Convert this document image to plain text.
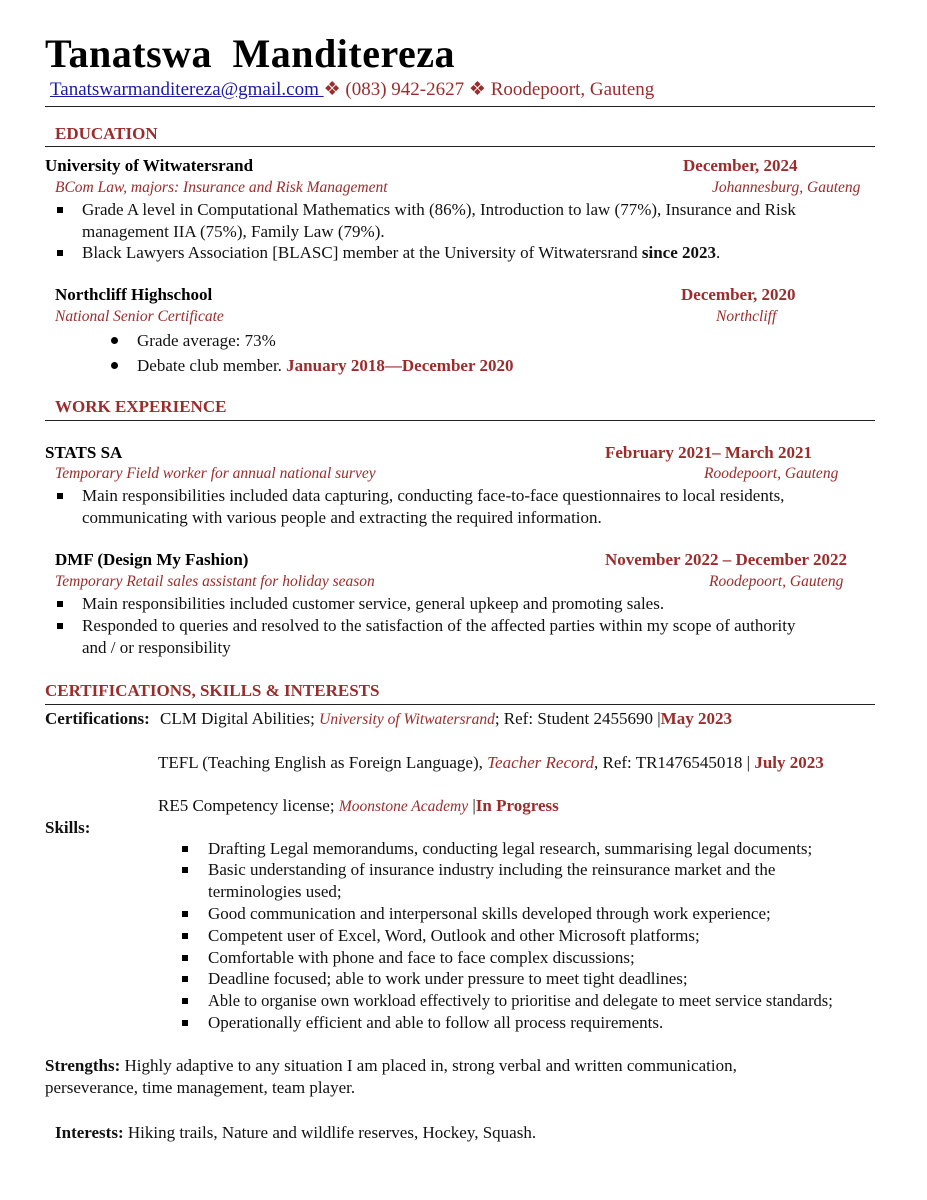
Tanatswa Manditereza
Tanatswarmanditereza@gmail.com ❖ (083) 942-2627 ❖ Roodepoort, Gauteng
EDUCATION
University of Witwatersrand	December, 2024
BCom Law, majors: Insurance and Risk Management	Johannesburg, Gauteng
Grade A level in Computational Mathematics with (86%), Introduction to law (77%), Insurance and Risk management IIA (75%), Family Law (79%).
Black Lawyers Association [BLASC] member at the University of Witwatersrand since 2023.
Northcliff Highschool	December, 2020
National Senior Certificate	Northcliff
Grade average: 73%
Debate club member. January 2018—December 2020
WORK EXPERIENCE
STATS SA	February 2021– March 2021
Temporary Field worker for annual national survey	Roodepoort, Gauteng
Main responsibilities included data capturing, conducting face-to-face questionnaires to local residents, communicating with various people and extracting the required information.
DMF (Design My Fashion)	November 2022 – December 2022
Temporary Retail sales assistant for holiday season	Roodepoort, Gauteng
Main responsibilities included customer service, general upkeep and promoting sales.
Responded to queries and resolved to the satisfaction of the affected parties within my scope of authority and / or responsibility
CERTIFICATIONS, SKILLS & INTERESTS
Certifications: CLM Digital Abilities; University of Witwatersrand; Ref: Student 2455690 |May 2023
TEFL (Teaching English as Foreign Language), Teacher Record, Ref: TR1476545018 | July 2023
RE5 Competency license; Moonstone Academy |In Progress
Skills:
Drafting Legal memorandums, conducting legal research, summarising legal documents;
Basic understanding of insurance industry including the reinsurance market and the terminologies used;
Good communication and interpersonal skills developed through work experience;
Competent user of Excel, Word, Outlook and other Microsoft platforms;
Comfortable with phone and face to face complex discussions;
Deadline focused; able to work under pressure to meet tight deadlines;
Able to organise own workload effectively to prioritise and delegate to meet service standards;
Operationally efficient and able to follow all process requirements.
Strengths: Highly adaptive to any situation I am placed in, strong verbal and written communication, perseverance, time management, team player.
Interests: Hiking trails, Nature and wildlife reserves, Hockey, Squash.
